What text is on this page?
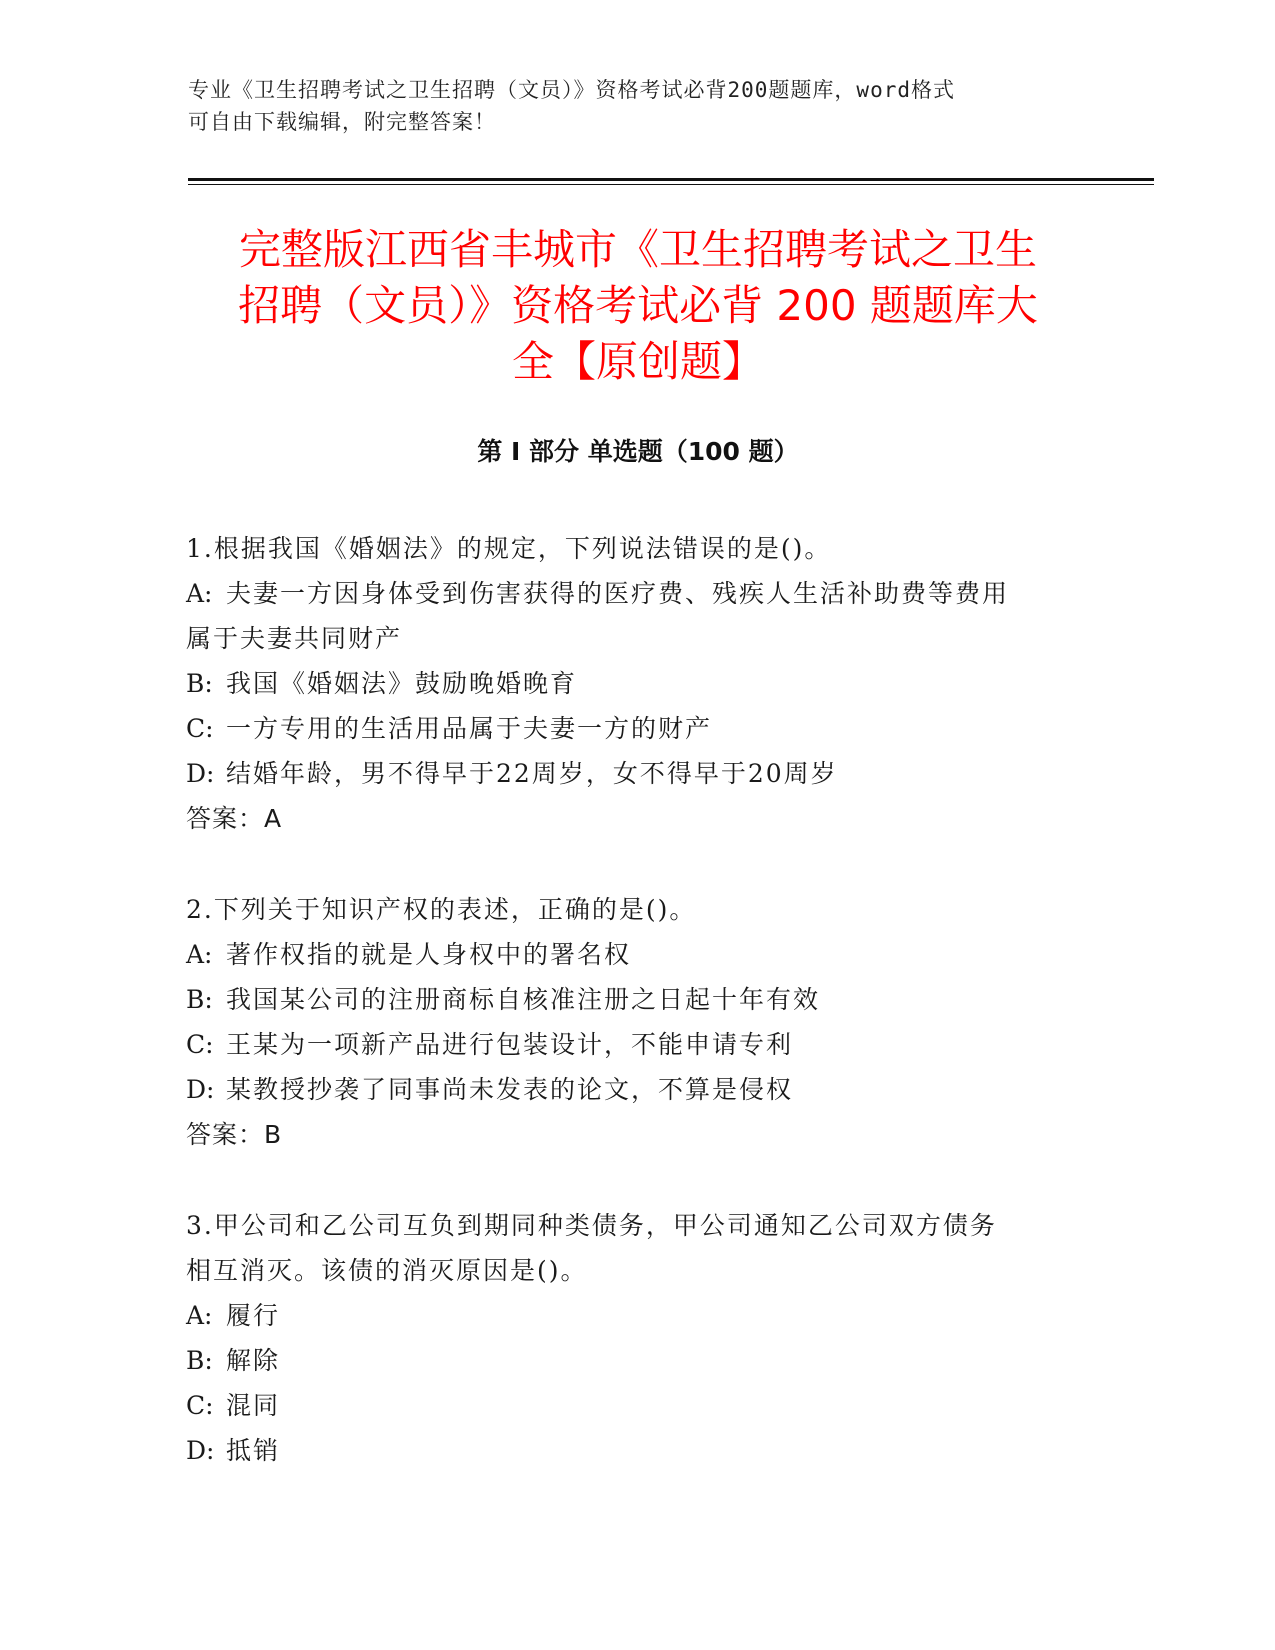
专业《卫生招聘考试之卫生招聘（文员）》资格考试必背200题题库，word格式
可自由下载编辑，附完整答案！
完整版江西省丰城市《卫生招聘考试之卫生
招聘（文员）》资格考试必背 200 题题库大
全【原创题】
第 I 部分 单选题（100 题）
1.根据我国《婚姻法》的规定，下列说法错误的是()。
A: 夫妻一方因身体受到伤害获得的医疗费、残疾人生活补助费等费用
属于夫妻共同财产
B: 我国《婚姻法》鼓励晚婚晚育
C: 一方专用的生活用品属于夫妻一方的财产
D: 结婚年龄，男不得早于22周岁，女不得早于20周岁
答案：A
2.下列关于知识产权的表述，正确的是()。
A: 著作权指的就是人身权中的署名权
B: 我国某公司的注册商标自核准注册之日起十年有效
C: 王某为一项新产品进行包装设计，不能申请专利
D: 某教授抄袭了同事尚未发表的论文，不算是侵权
答案：B
3.甲公司和乙公司互负到期同种类债务，甲公司通知乙公司双方债务
相互消灭。该债的消灭原因是()。
A: 履行
B: 解除
C: 混同
D: 抵销
